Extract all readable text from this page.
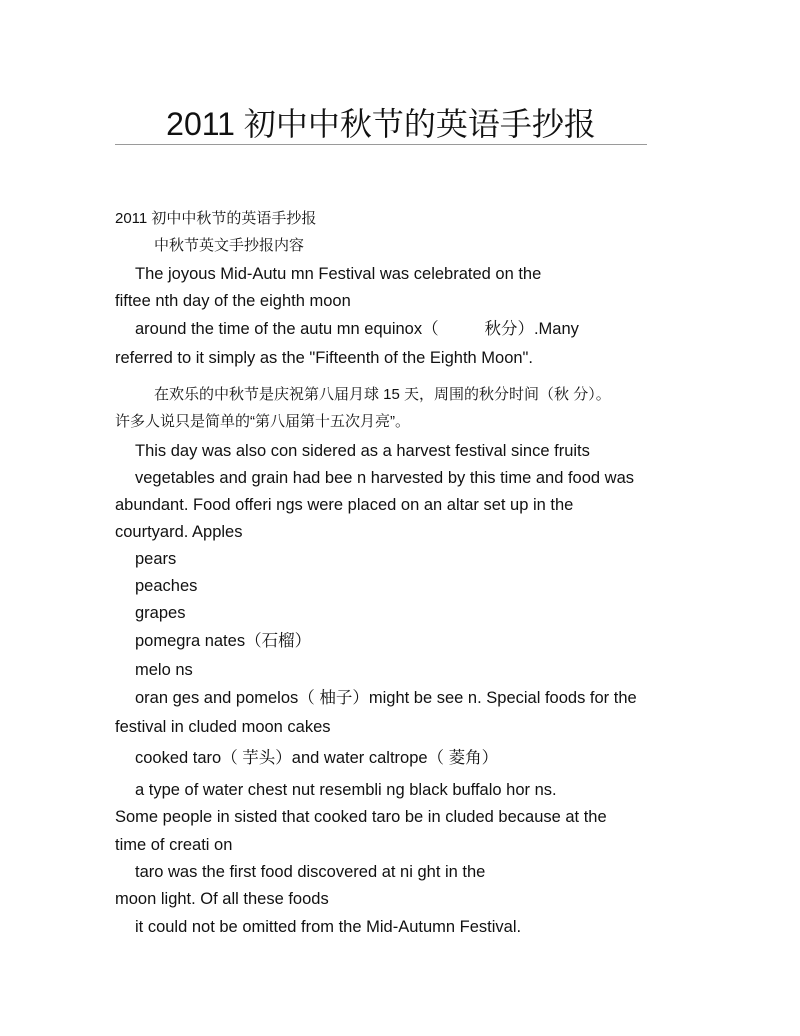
2011 初中中秋节的英语手抄报
2011 初中中秋节的英语手抄报
中秋节英文手抄报内容
The joyous Mid-Autu mn Festival was celebrated on the
fiftee nth day of the eighth moon
around the time of the autu mn equinox（          秋分）.Many
referred to it simply as the "Fifteenth of the Eighth Moon".
在欢乐的中秋节是庆祝第八届月球 15 天，周围的秋分时间（秋 分）。
许多人说只是简单的“第八届第十五次月亮”。
This day was also con sidered as a harvest festival since fruits
vegetables and grain had bee n harvested by this time and food was
abundant. Food offeri ngs were placed on an altar set up in the
courtyard. Apples
pears
peaches
grapes
pomegra nates（石榴）
melo ns
oran ges and pomelos（ 柚子）might be see n. Special foods for the
festival in cluded moon cakes
cooked taro（ 芋头）and water caltrope（ 菱角）
a type of water chest nut resembli ng black buffalo hor ns.
Some people in sisted that cooked taro be in cluded because at the
time of creati on
taro was the first food discovered at ni ght in the
moon light. Of all these foods
it could not be omitted from the Mid-Autumn Festival.
